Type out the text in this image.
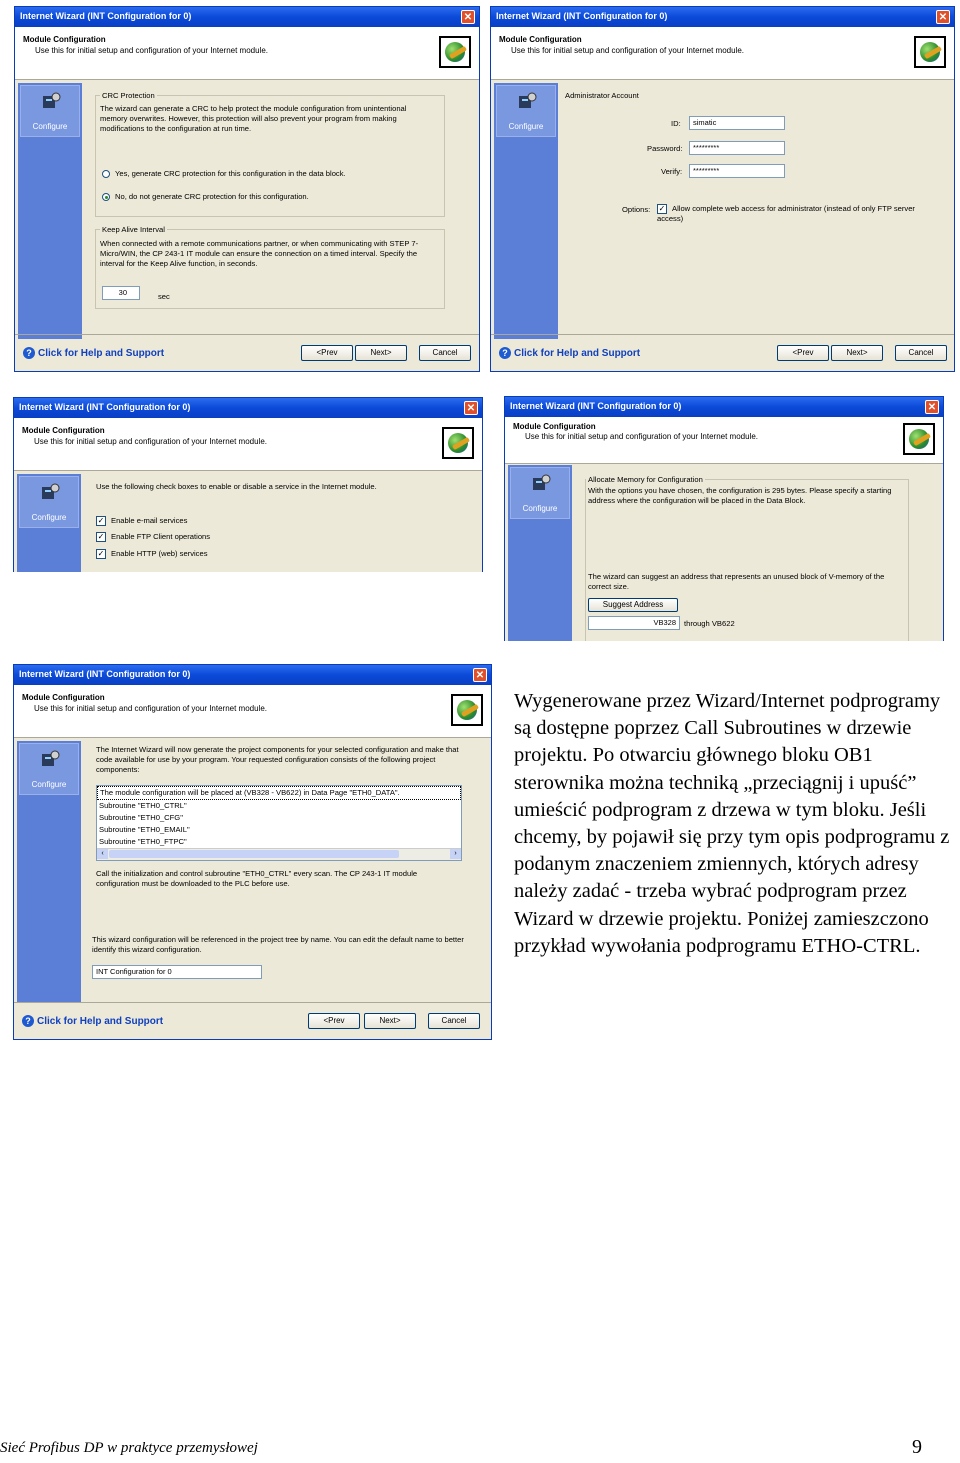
Internet Wizard (INT Configuration for 0)	✕
Module Configuration
Use this for initial setup and configuration of your Internet module.
Configure
CRC Protection
The wizard can generate a CRC to help protect the module configuration from unintentional memory overwrites. However, this protection will also prevent your program from making modifications to the configuration at run time.
Yes, generate CRC protection for this configuration in the data block.
No, do not generate CRC protection for this configuration.
Keep Alive Interval
When connected with a remote communications partner, or when communicating with STEP 7-Micro/WIN, the CP 243-1 IT module can ensure the connection on a timed interval. Specify the interval for the Keep Alive function, in seconds.
30	sec
? Click for Help and Support	<Prev	Next>	Cancel
Internet Wizard (INT Configuration for 0)	✕
Module Configuration
Use this for initial setup and configuration of your Internet module.
Configure
Administrator Account
ID:	simatic
Password:	*********
Verify:	*********
Options: ✓ Allow complete web access for administrator (instead of only FTP server access)
? Click for Help and Support	<Prev	Next>	Cancel
Internet Wizard (INT Configuration for 0)	✕
Module Configuration
Use this for initial setup and configuration of your Internet module.
Configure
Use the following check boxes to enable or disable a service in the Internet module.
✓ Enable e-mail services
✓ Enable FTP Client operations
✓ Enable HTTP (web) services
Internet Wizard (INT Configuration for 0)	✕
Module Configuration
Use this for initial setup and configuration of your Internet module.
Configure
Allocate Memory for Configuration
With the options you have chosen, the configuration is 295 bytes. Please specify a starting address where the configuration will be placed in the Data Block.
The wizard can suggest an address that represents an unused block of V-memory of the correct size.
Suggest Address
VB328	through VB622
Internet Wizard (INT Configuration for 0)	✕
Module Configuration
Use this for initial setup and configuration of your Internet module.
Configure
The Internet Wizard will now generate the project components for your selected configuration and make that code available for use by your program. Your requested configuration consists of the following project components:
The module configuration will be placed at (VB328 - VB622) in Data Page "ETH0_DATA".
Subroutine "ETH0_CTRL"
Subroutine "ETH0_CFG"
Subroutine "ETH0_EMAIL"
Subroutine "ETH0_FTPC"
‹	›
Call the initialization and control subroutine "ETH0_CTRL" every scan. The CP 243-1 IT module configuration must be downloaded to the PLC before use.
This wizard configuration will be referenced in the project tree by name. You can edit the default name to better identify this wizard configuration.
INT Configuration for 0
? Click for Help and Support	<Prev	Next>	Cancel
Wygenerowane przez Wizard/Internet podprogramy są dostępne poprzez Call Subroutines w drzewie projektu. Po otwarciu głównego bloku OB1 sterownika można techniką „przeciągnij i upuść” umieścić podprogram z drzewa w tym bloku. Jeśli chcemy, by pojawił się przy tym opis podprogramu z podanym znaczeniem zmiennych, których adresy należy zadać - trzeba wybrać podprogram przez Wizard w drzewie projektu. Poniżej zamieszczono przykład wywołania podprogramu ETHO-CTRL.
Sieć Profibus DP w praktyce przemysłowej	9
